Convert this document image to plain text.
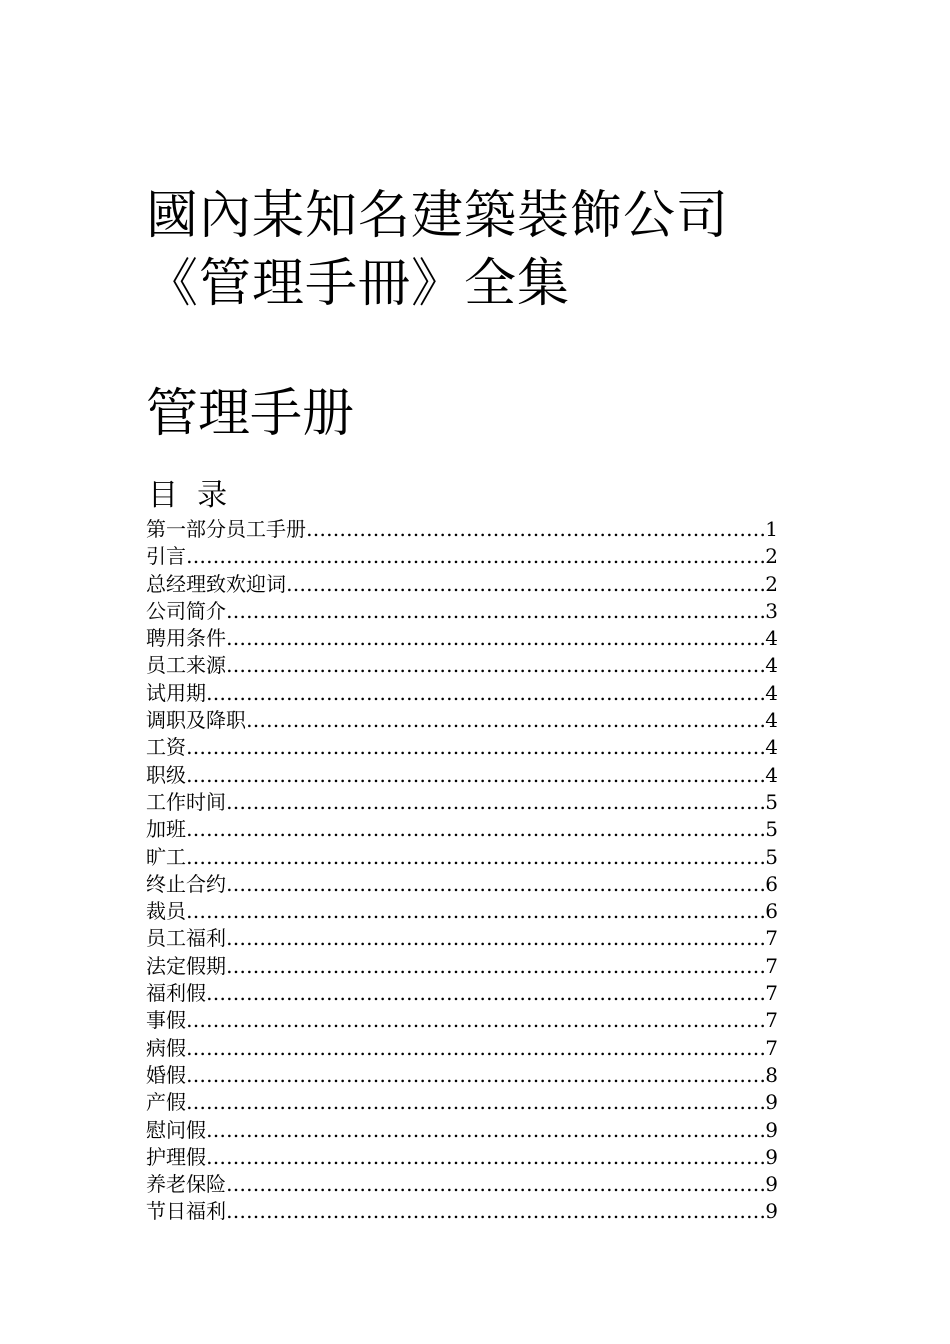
國內某知名建築裝飾公司
《管理手冊》全集
管理手册
目  录
第一部分员工手册 …………………………………………………………………………………………………………………………………………………	1
引言 …………………………………………………………………………………………………………………………………………………	2
总经理致欢迎词 …………………………………………………………………………………………………………………………………………………	2
公司简介 …………………………………………………………………………………………………………………………………………………	3
聘用条件 …………………………………………………………………………………………………………………………………………………	4
员工来源 …………………………………………………………………………………………………………………………………………………	4
试用期 …………………………………………………………………………………………………………………………………………………	4
调职及降职 …………………………………………………………………………………………………………………………………………………	4
工资 …………………………………………………………………………………………………………………………………………………	4
职级 …………………………………………………………………………………………………………………………………………………	4
工作时间 …………………………………………………………………………………………………………………………………………………	5
加班 …………………………………………………………………………………………………………………………………………………	5
旷工 …………………………………………………………………………………………………………………………………………………	5
终止合约 …………………………………………………………………………………………………………………………………………………	6
裁员 …………………………………………………………………………………………………………………………………………………	6
员工福利 …………………………………………………………………………………………………………………………………………………	7
法定假期 …………………………………………………………………………………………………………………………………………………	7
福利假 …………………………………………………………………………………………………………………………………………………	7
事假 …………………………………………………………………………………………………………………………………………………	7
病假 …………………………………………………………………………………………………………………………………………………	7
婚假 …………………………………………………………………………………………………………………………………………………	8
产假 …………………………………………………………………………………………………………………………………………………	9
慰问假 …………………………………………………………………………………………………………………………………………………	9
护理假 …………………………………………………………………………………………………………………………………………………	9
养老保险 …………………………………………………………………………………………………………………………………………………	9
节日福利 …………………………………………………………………………………………………………………………………………………	9
